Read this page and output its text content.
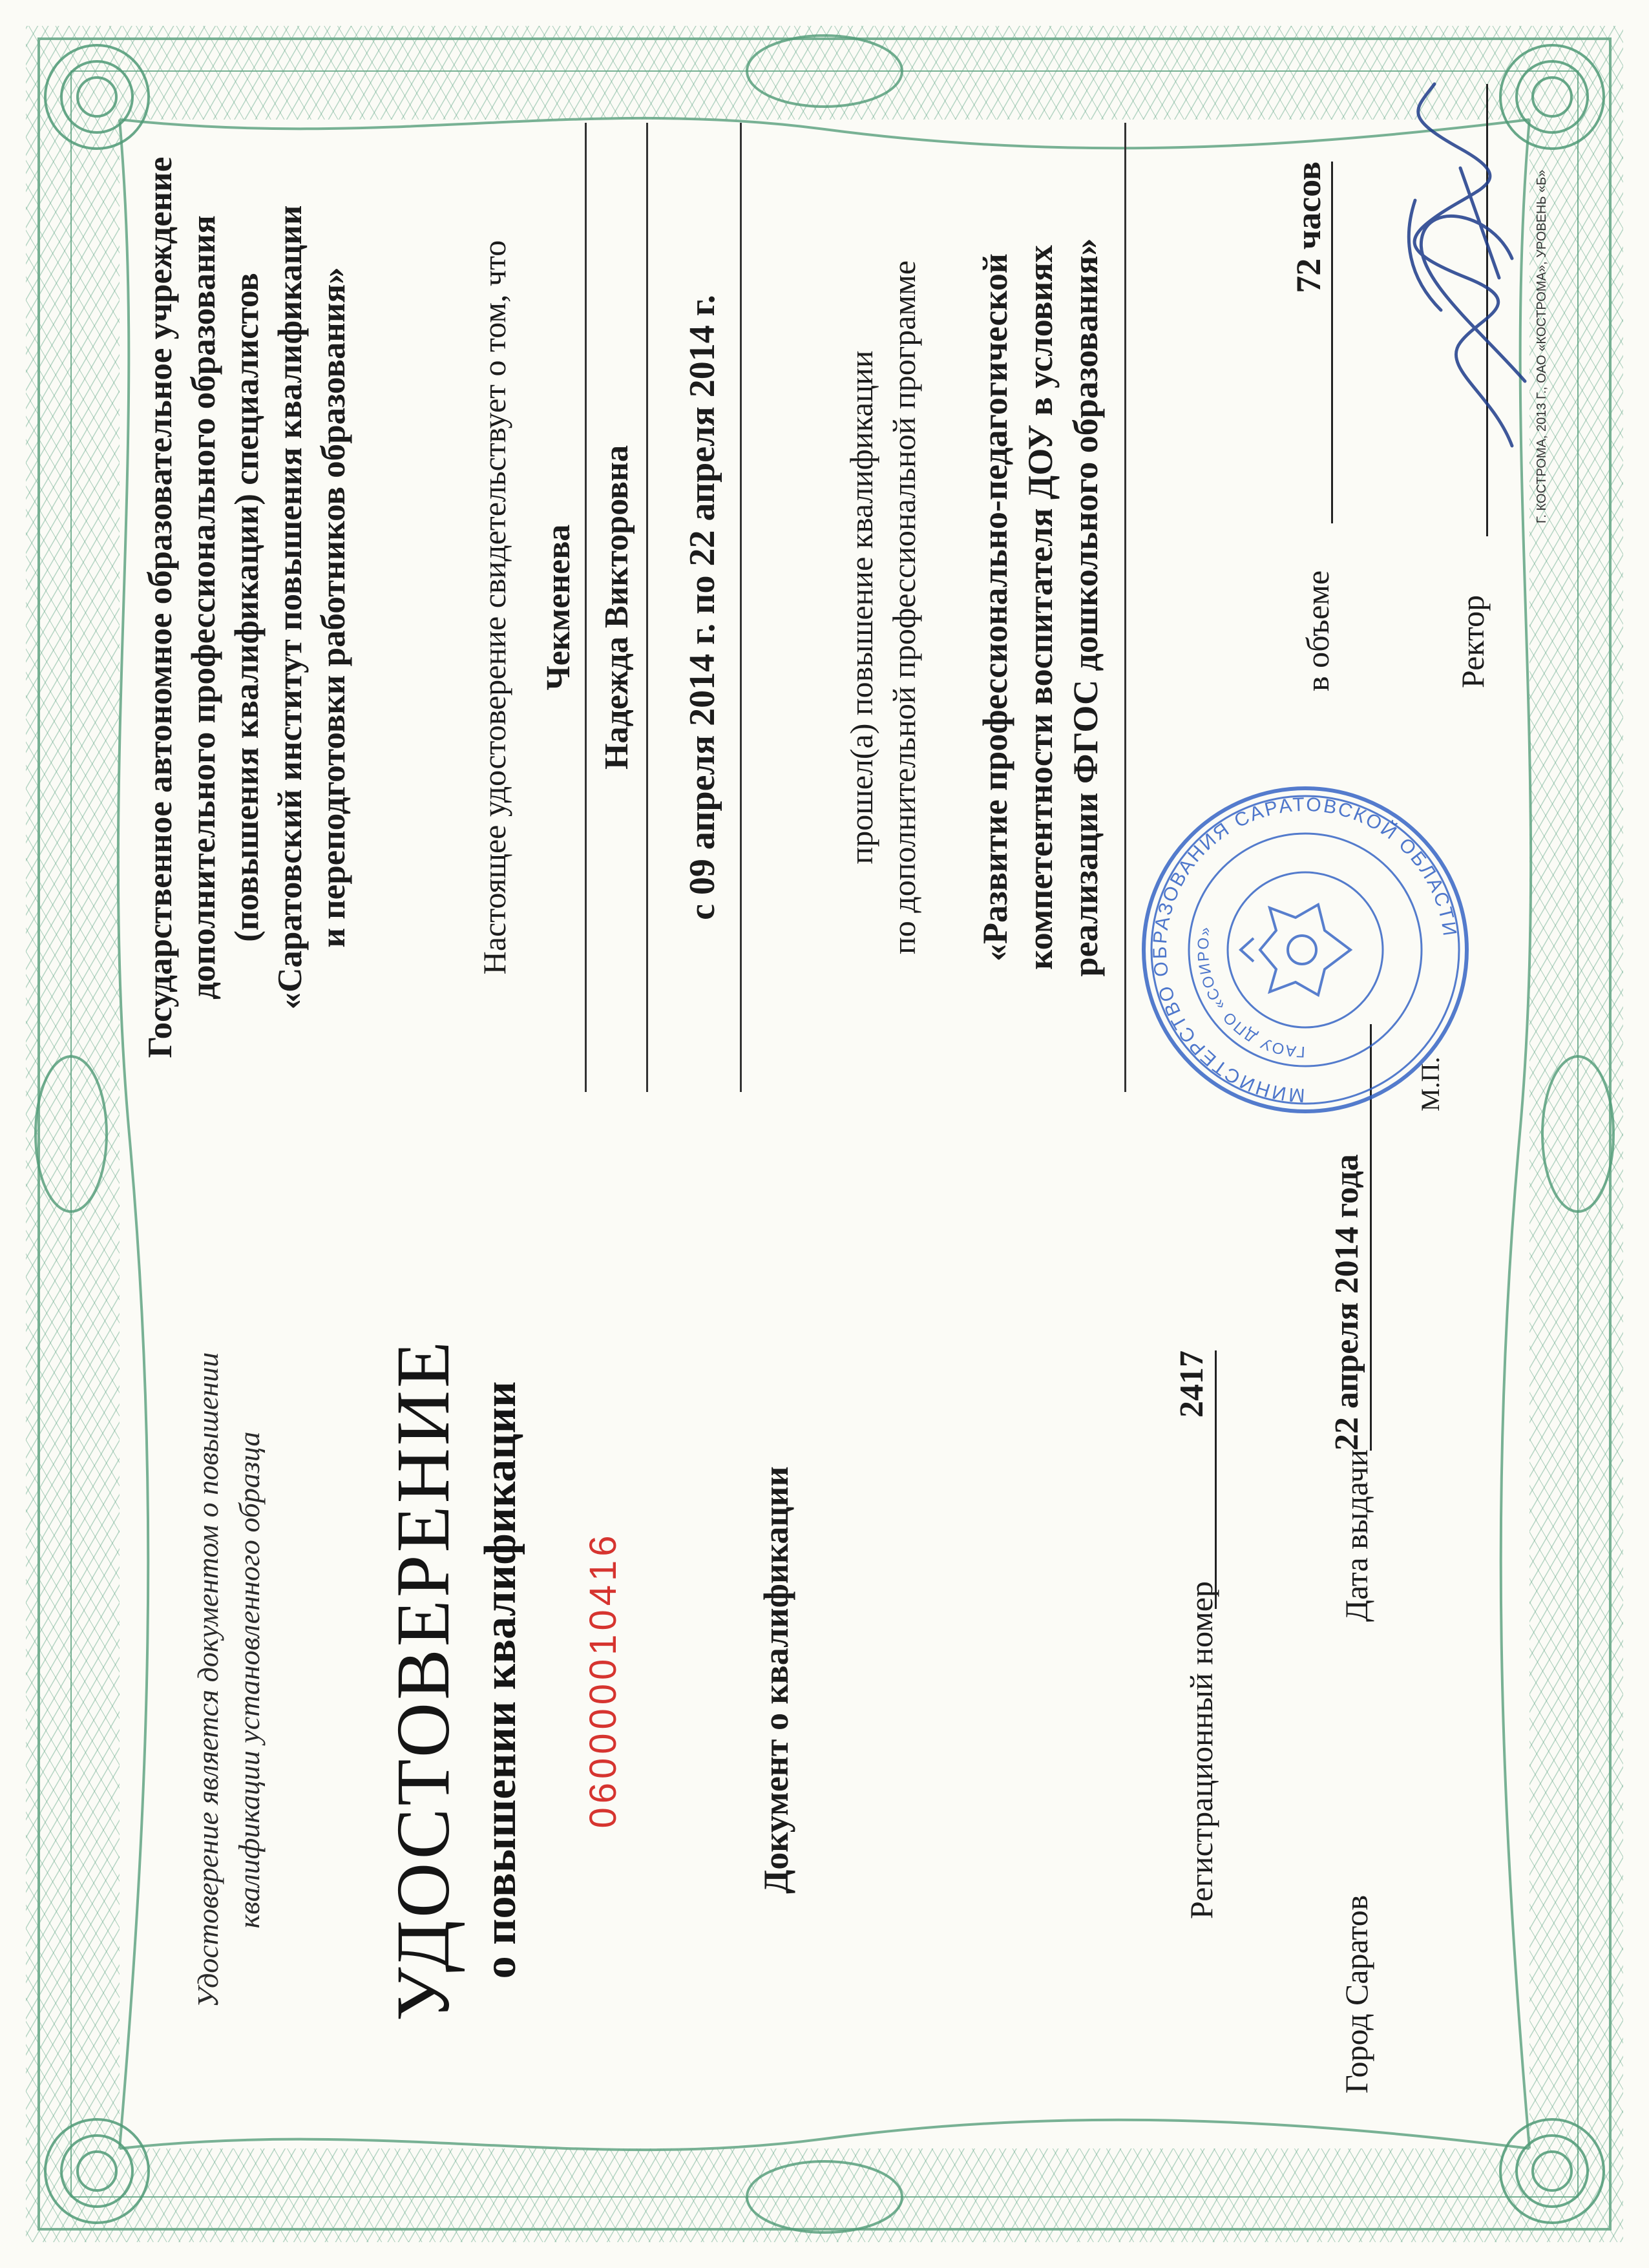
Удостоверение является документом о повышении квалификации установленного образца УДОСТОВЕРЕНИЕ о повышении квалификации 060000010416	Документ о квалификации	Регистрационный номер
2417
Город Саратов
Дата выдачи
22 апреля 2014 года
Государственное автономное образовательное учреждение дополнительного профессионального образования (повышения квалификации) специалистов «Саратовский институт повышения квалификации и переподготовки работников образования»	Настоящее удостоверение свидетельствует о том, что Чекменева Надежда Викторовна с 09 апреля 2014 г. по 22 апреля 2014 г.	прошел(а) повышение квалификации по дополнительной профессиональной программе «Развитие профессионально-педагогической компетентности воспитателя ДОУ в условиях реализации ФГОС дошкольного образования»	в объеме
72 часов
Ректор
Г. КОСТРОМА, 2013 Г., ОАО «КОСТРОМА», УРОВЕНЬ «Б»
МИНИСТЕРСТВО ОБРАЗОВАНИЯ САРАТОВСКОЙ ОБЛАСТИ
ГАОУ ДПО «СОИРО»
М.П.
